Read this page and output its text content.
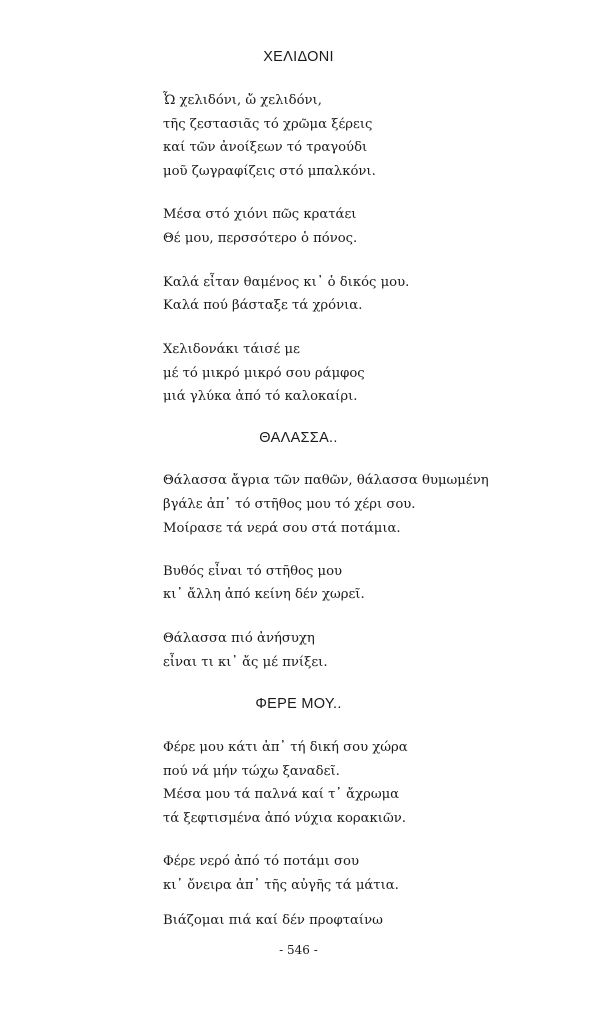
ΧΕΛΙΔΟΝΙ
Ὦ χελιδόνι, ὤ χελιδόνι,
τῆς ζεστασιᾶς τό χρῶμα ξέρεις
καί τῶν ἀνοίξεων τό τραγούδι
μοῦ ζωγραφίζεις στό μπαλκόνι.
Μέσα στό χιόνι πῶς κρατάει
Θέ μου, περσσότερο ὁ πόνος.
Καλά εἶταν θαμένος κι᾽ ὁ δικός μου.
Καλά πού βάσταξε τά χρόνια.
Χελιδονάκι τάισέ με
μέ τό μικρό μικρό σου ράμφος
μιά γλύκα ἀπό τό καλοκαίρι.
ΘΑΛΑΣΣΑ..
Θάλασσα ἄγρια τῶν παθῶν, θάλασσα θυμωμένη
βγάλε ἀπ᾽ τό στῆθος μου τό χέρι σου.
Μοίρασε τά νερά σου στά ποτάμια.
Βυθός εἶναι τό στῆθος μου
κι᾽ ἄλλη ἀπό κείνη δέν χωρεῖ.
Θάλασσα πιό ἀνήσυχη
εἶναι τι κι᾽ ἄς μέ πνίξει.
ΦΕΡΕ ΜΟΥ..
Φέρε μου κάτι ἀπ᾽ τή δική σου χώρα
πού νά μήν τώχω ξαναδεῖ.
Μέσα μου τά παλνά καί τ᾽ ἄχρωμα
τά ξεφτισμένα ἀπό νύχια κορακιῶν.
Φέρε νερό ἀπό τό ποτάμι σου
κι᾽ ὄνειρα ἀπ᾽ τῆς αὐγῆς τά μάτια.
Βιάζομαι πιά καί δέν προφταίνω
- 546 -
